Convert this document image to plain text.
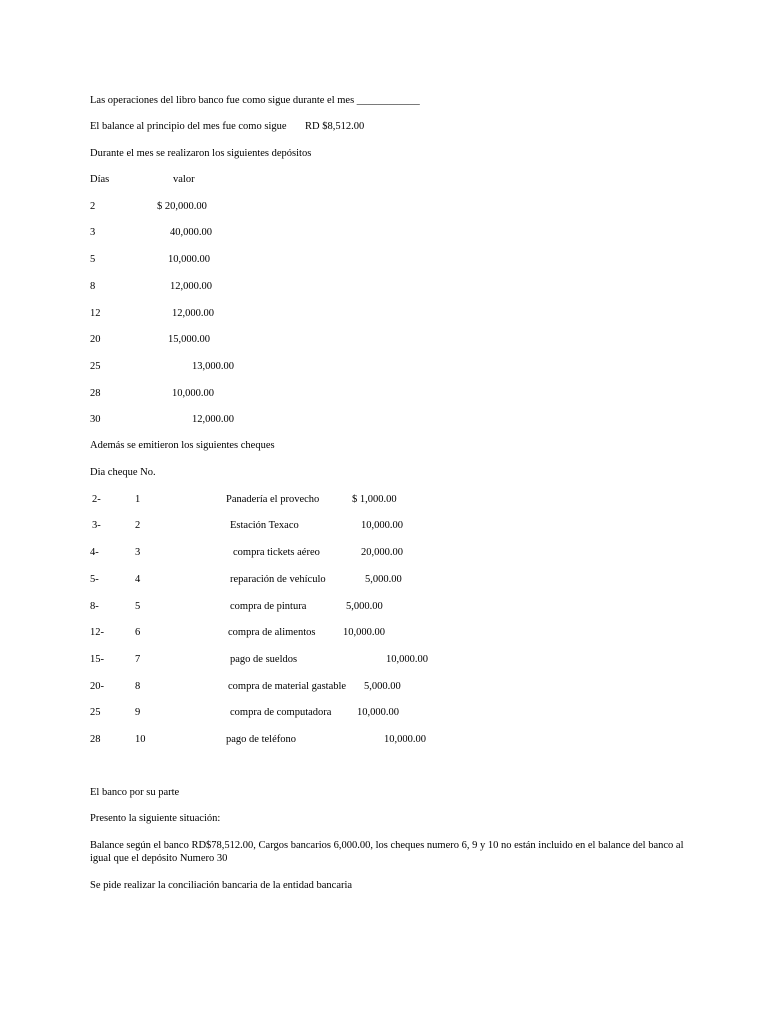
Las operaciones del libro banco fue como sigue durante el mes ____________
El balance al principio del mes fue como sigue RD $8,512.00
Durante el mes se realizaron los siguientes depósitos
Días	valor
2	$ 20,000.00
3	40,000.00
5	10,000.00
8	12,000.00
12	12,000.00
20	15,000.00
25	13,000.00
28	10,000.00
30	12,000.00
Además se emitieron los siguientes cheques
Dia cheque No.
2-	1	Panadería el provecho	$ 1,000.00
3-	2	Estación Texaco	10,000.00
4-	3	compra tickets aéreo	20,000.00
5-	4	reparación de vehículo	5,000.00
8-	5	compra de pintura	5,000.00
12-	6	compra de alimentos	10,000.00
15-	7	pago de sueldos	10,000.00
20-	8	compra de material gastable 5,000.00
25	9	compra de computadora 10,000.00
28	10	pago de teléfono	10,000.00
El banco por su parte
Presento la siguiente situación:
Balance según el banco RD$78,512.00, Cargos bancarios 6,000.00, los cheques numero 6, 9 y 10 no están incluido en el balance del banco al igual que el depósito Numero 30
Se pide realizar la conciliación bancaria de la entidad bancaria
